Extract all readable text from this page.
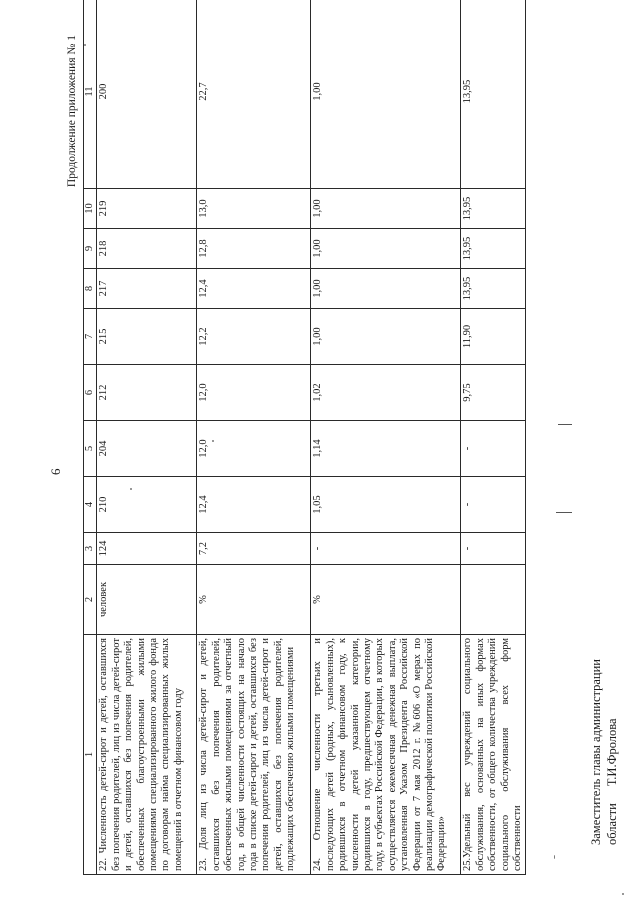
6
Продолжение приложения № 1
1	2	3	4	5	6	7	8	9	10	11
22. Численность детей-сирот и детей, оставшихся без попечения родителей, лиц из числа детей-сирот и детей, оставшихся без попечения родителей, обеспеченных благоустроенными жилыми помещениями специализированного жилого фонда по договорам найма специализированных жилых помещений в отчетном финансовом году	человек	124	210	204	212	215	217	218	219	200
23. Доля лиц из числа детей-сирот и детей, оставшихся без попечения родителей, обеспеченных жилыми помещениями за отчетный год, в общей численности состоящих на начало года в списке детей-сирот и детей, оставшихся без попечения родителей, лиц из числа детей-сирот и детей, оставшихся без попечения родителей, подлежащих обеспечению жилыми помещениями	%	7,2	12,4	12,0	12,0	12,2	12,4	12,8	13,0	22,7
24. Отношение численности третьих и последующих детей (родных, усыновленных), родившихся в отчетном финансовом году, к численности детей указанной категории, родившихся в году, предшествующем отчетному году, в субъектах Российской Федерации, в которых осуществляется ежемесячная денежная выплата, установленная Указом Президента Российской Федерации от 7 мая 2012 г. №606 «О мерах по реализации демографической политики Российской Федерации»	%	-	1,05	1,14	1,02	1,00	1,00	1,00	1,00	1,00
25.Удельный вес учреждений социального обслуживания, основанных на иных формах собственности, от общего количества учреждений социального обслуживания всех форм собственности		-	-	-	9,75	11,90	13,95	13,95	13,95	13,95
Заместитель главы администрации области Т.И.Фролова
